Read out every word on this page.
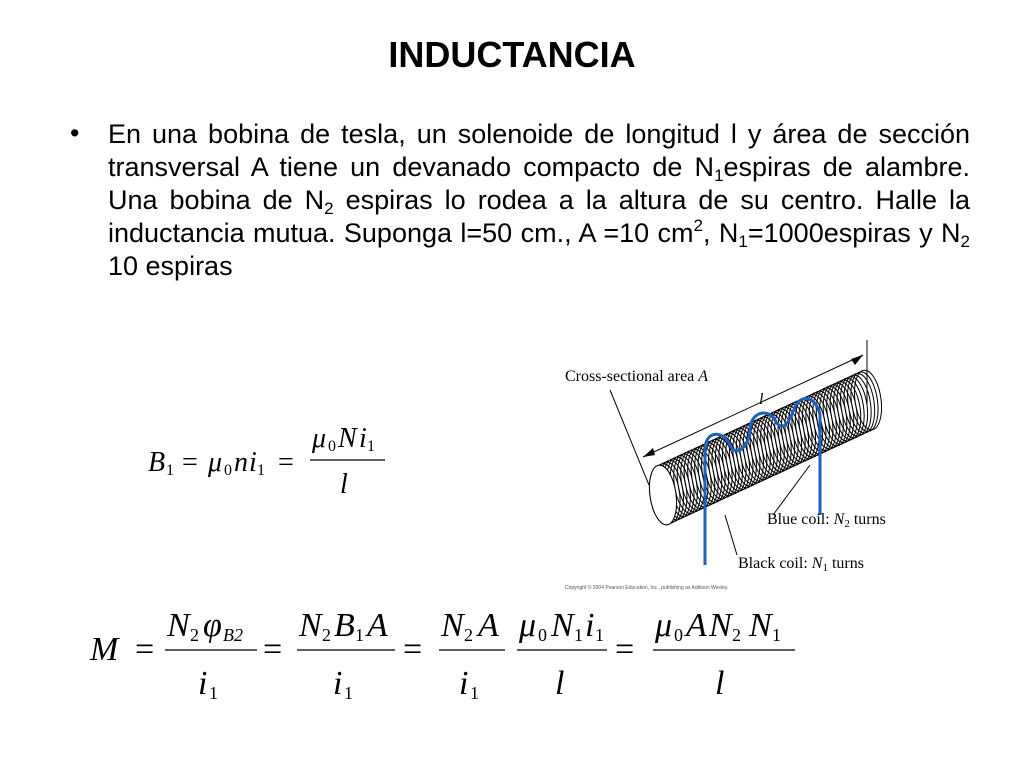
INDUCTANCIA
• En una bobina de tesla, un solenoide de longitud l y área de sección transversal A tiene un devanado compacto de $N_1espiras$ de alambre. Una bobina de $N_2$ espiras lo rodea a la altura de su centro. Halle la inductancia mutua. Suponga l=50 cm., A =10 $cm^2$, $N_1=1000espiras$ y $N_2$ 10 espiras
B 1 = μ 0 n i 1 =
μ 0 N i 1
l
M =
N 2 φ B2
i 1
=
N 2 B 1 A
i 1
=
N 2 A
i 1
μ 0 N 1 i 1
l
=
μ 0 A N 2 N 1
l
Cross-sectional area A
l
Blue coil: $N_2$ turns
Black coil: $N_1$ turns
Copyright © 2004 Pearson Education, Inc., publishing as Addison Wesley.
